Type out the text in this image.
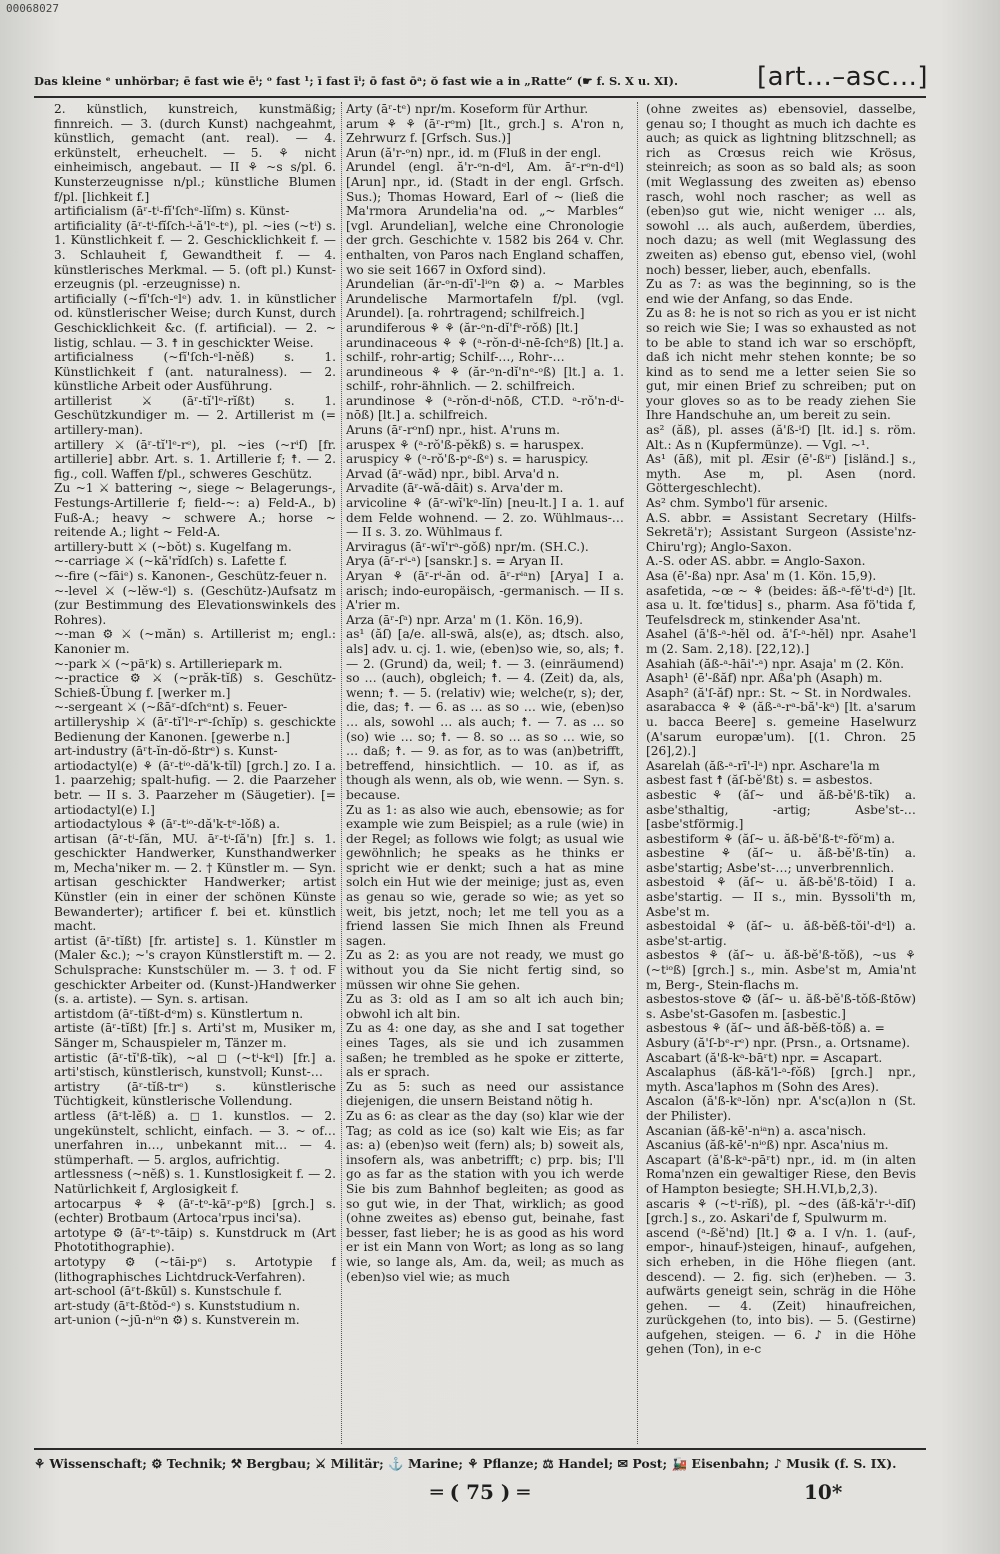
00068027
Das kleine ᵉ unhörbar; ē fast wie ēⁱ; ᵒ fast ¹; ī fast īⁱ; ō fast ōᵃ; ŏ fast wie a in „Ratte“ (☛ f. S. X u. XI).	[art...–asc...]

2. künstlich, kunstreich, kunstmäßig; finnreich. — 3. (durch Kunst) nachgeahmt, künstlich, gemacht (ant. real). — 4. erkünstelt, erheuchelt. — 5. ⚘ nicht einheimisch, angebaut. — II ⚘ ~s s/pl. 6. Kunsterzeugnisse n/pl.; künstliche Blumen f/pl. [lichkeit f.]

artificialism (āʳ-tⁱ-fĭ'ſchᵉ-lĭſm) s. Künst-

artificiality (āʳ-tⁱ-fĭſch-ⁱ-ă'lᵉ-tᵉ), pl. ~ies (~tⁱ) s. 1. Künstlichkeit f. — 2. Geschicklichkeit f. — 3. Schlauheit f, Gewandtheit f. — 4. künstlerisches Merkmal. — 5. (oft pl.) Kunst-erzeugnis (pl. -erzeugnisse) n.

artificially (~fĭ'ſch-ᵉlᵉ) adv. 1. in künstlicher od. künstlerischer Weise; durch Kunst, durch Geschicklichkeit &c. (f. artificial). — 2. ~ listig, schlau. — 3. ☨ in geschickter Weise.

artificialness (~fĭ'ſch-ᵉl-nĕß) s. 1. Künstlichkeit f (ant. naturalness). — 2. künstliche Arbeit oder Ausführung.

artillerist ⚔ (āʳ-tĭ'lᵉ-rĭßt) s. 1. Geschützkundiger m. — 2. Artillerist m (= artillery-man).

artillery ⚔ (āʳ-tĭ'lᵉ-rᵉ), pl. ~ies (~rⁱſ) [fr. artillerie] abbr. Art. s. 1. Artillerie f; ☨. — 2. fig., coll. Waffen f/pl., schweres Geschütz.

Zu ~1 ⚔ battering ~, siege ~ Belagerungs-, Festungs-Artillerie f; field-~: a) Feld-A., b) Fuß-A.; heavy ~ schwere A.; horse ~ reitende A.; light ~ Feld-A.

artillery-butt ⚔ (~bŏt) s. Kugelfang m.

~-carriage ⚔ (~kă'rĭdſch) s. Lafette f.

~-fire (~fāiᵉ) s. Kanonen-, Geschütz-feuer n.

~-level ⚔ (~lĕw-ᵉl) s. (Geschütz-)Aufsatz m (zur Bestimmung des Elevationswinkels des Rohres).

~-man ⚙ ⚔ (~măn) s. Artillerist m; engl.: Kanonier m.

~-park ⚔ (~pāʳk) s. Artilleriepark m.

~-practice ⚙ ⚔ (~prăk-tĭß) s. Geschütz-Schieß-Übung f. [werker m.]

~-sergeant ⚔ (~ßāʳ-dſchᵉnt) s. Feuer-

artilleryship ⚔ (āʳ-tĭ'lᵉ-rᵉ-ſchĭp) s. geschickte Bedienung der Kanonen. [gewerbe n.]

art-industry (āʳt-ĭn-dŏ-ßtrᵉ) s. Kunst-

artiodactyl(e) ⚘ (āʳ-tⁱᵒ-dă'k-tĭl) [grch.] zo. I a. 1. paarzehig; spalt-hufig. — 2. die Paarzeher betr. — II s. 3. Paarzeher m (Säugetier). [= artiodactyl(e) I.]

artiodactylous ⚘ (āʳ-tⁱᵒ-dă'k-tᵉ-lŏß) a.

artisan (āʳ-tⁱ-ſăn, MU. āʳ-tⁱ-ſă'n) [fr.] s. 1. geschickter Handwerker, Kunsthandwerker m, Mecha'niker m. — 2. † Künstler m. — Syn. artisan geschickter Handwerker; artist Künstler (ein in einer der schönen Künste Bewanderter); artificer f. bei et. künstlich macht.

artist (āʳ-tĭßt) [fr. artiste] s. 1. Künstler m (Maler &c.); ~'s crayon Künstlerstift m. — 2. Schulsprache: Kunstschüler m. — 3. † od. F geschickter Arbeiter od. (Kunst-)Handwerker (s. a. artiste). — Syn. s. artisan.

artistdom (āʳ-tĭßt-dᵉm) s. Künstlertum n.

artiste (āʳ-tĭßt) [fr.] s. Arti'st m, Musiker m, Sänger m, Schauspieler m, Tänzer m.

artistic (āʳ-tĭ'ß-tĭk), ~al ◻ (~tⁱ-kᵉl) [fr.] a. arti'stisch, künstlerisch, kunstvoll; Kunst-…

artistry (āʳ-tĭß-trᵉ) s. künstlerische Tüchtigkeit, künstlerische Vollendung.

artless (āʳt-lĕß) a. ◻ 1. kunstlos. — 2. ungekünstelt, schlicht, einfach. — 3. ~ of… unerfahren in…, unbekannt mit… — 4. stümperhaft. — 5. arglos, aufrichtig.

artlessness (~nĕß) s. 1. Kunstlosigkeit f. — 2. Natürlichkeit f, Arglosigkeit f.

artocarpus ⚘ ⚘ (āʳ-tᵒ-kāʳ-pᵒß) [grch.] s. (echter) Brotbaum (Artoca'rpus inci'sa).

artotype ⚙ (āʳ-tᵒ-tāip) s. Kunstdruck m (Art Phototithographie).

artotypy ⚙ (~tāi-pᵉ) s. Artotypie f (lithographisches Lichtdruck-Verfahren).

art-school (āʳt-ßkūl) s. Kunstschule f.

art-study (āʳt-ßtŏd-ᵉ) s. Kunststudium n.

art-union (~jū-nⁱᵒn ⚙) s. Kunstverein m.

Arty (āʳ-tᵉ) npr/m. Koseform für Arthur.

arum ⚘ ⚘ (āʳ-rᵒm) [lt., grch.] s. A'ron n, Zehrwurz f. [Grfsch. Sus.)]

Arun (ă'r-ᵒn) npr., id. m (Fluß in der engl.

Arundel (engl. ă'r-ᵒn-dᵉl, Am. āʳ-rᵒn-dᵉl) [Arun] npr., id. (Stadt in der engl. Grfsch. Sus.); Thomas Howard, Earl of ~ (ließ die Ma'rmora Arundelia'na od. „~ Marbles“ [vgl. Arundelian], welche eine Chronologie der grch. Geschichte v. 1582 bis 264 v. Chr. enthalten, von Paros nach England schaffen, wo sie seit 1667 in Oxford sind).

Arundelian (ăr-ᵒn-dī'-lⁱᵒn ⚙) a. ~ Marbles Arundelische Marmortafeln f/pl. (vgl. Arundel). [a. rohrtragend; schilfreich.]

arundiferous ⚘ ⚘ (ăr-ᵒn-dĭ'fᵉ-rŏß) [lt.]

arundinaceous ⚘ ⚘ (ᵃ-rŏn-dⁱ-nē-ſchᵒß) [lt.] a. schilf-, rohr-artig; Schilf-…, Rohr-…

arundineous ⚘ ⚘ (ăr-ᵒn-dĭ'nᵉ-ᵒß) [lt.] a. 1. schilf-, rohr-ähnlich. — 2. schilfreich.

arundinose ⚘ (ᵃ-rŏn-dⁱ-nōß, CT.D. ᵃ-rŏ'n-dⁱ-nōß) [lt.] a. schilfreich.

Aruns (āʳ-rᵒnſ) npr., hist. A'runs m.

aruspex ⚘ (ᵃ-rŏ'ß-pĕkß) s. = haruspex.

aruspicy ⚘ (ᵃ-rŏ'ß-pᵉ-ßᵉ) s. = haruspicy.

Arvad (āʳ-wăd) npr., bibl. Arva'd n.

Arvadite (āʳ-wă-dāit) s. Arva'der m.

arvicoline ⚘ (āʳ-wĭ'kᵒ-lĭn) [neu-lt.] I a. 1. auf dem Felde wohnend. — 2. zo. Wühlmaus-… — II s. 3. zo. Wühlmaus f.

Arviragus (āʳ-wĭ'rᵃ-gŏß) npr/m. (SH.C.).

Arya (āʳ-rⁱ-ᵃ) [sanskr.] s. = Aryan II.

Aryan ⚘ (āʳ-rⁱ-ăn od. āʳ-rⁱᵃn) [Arya] I a. arisch; indo-europäisch, -germanisch. — II s. A'rier m.

Arza (āʳ-ſᵃ) npr. Arza' m (1. Kön. 16,9).

as¹ (ăſ) [a/e. all-swā, als(e), as; dtsch. also, als] adv. u. cj. 1. wie, (eben)so wie, so, als; ☨. — 2. (Grund) da, weil; ☨. — 3. (einräumend) so … (auch), obgleich; ☨. — 4. (Zeit) da, als, wenn; ☨. — 5. (relativ) wie; welche(r, s); der, die, das; ☨. — 6. as … as so … wie, (eben)so … als, sowohl … als auch; ☨. — 7. as … so (so) wie … so; ☨. — 8. so … as so … wie, so … daß; ☨. — 9. as for, as to was (an)betrifft, betreffend, hinsichtlich. — 10. as if, as though als wenn, als ob, wie wenn. — Syn. s. because.

Zu as 1: as also wie auch, ebensowie; as for example wie zum Beispiel; as a rule (wie) in der Regel; as follows wie folgt; as usual wie gewöhnlich; he speaks as he thinks er spricht wie er denkt; such a hat as mine solch ein Hut wie der meinige; just as, even as genau so wie, gerade so wie; as yet so weit, bis jetzt, noch; let me tell you as a friend lassen Sie mich Ihnen als Freund sagen.

Zu as 2: as you are not ready, we must go without you da Sie nicht fertig sind, so müssen wir ohne Sie gehen.

Zu as 3: old as I am so alt ich auch bin; obwohl ich alt bin.

Zu as 4: one day, as she and I sat together eines Tages, als sie und ich zusammen saßen; he trembled as he spoke er zitterte, als er sprach.

Zu as 5: such as need our assistance diejenigen, die unsern Beistand nötig h.

Zu as 6: as clear as the day (so) klar wie der Tag; as cold as ice (so) kalt wie Eis; as far as: a) (eben)so weit (fern) als; b) soweit als, insofern als, was anbetrifft; c) prp. bis; I'll go as far as the station with you ich werde Sie bis zum Bahnhof begleiten; as good as so gut wie, in der That, wirklich; as good (ohne zweites as) ebenso gut, beinahe, fast besser, fast lieber; he is as good as his word er ist ein Mann von Wort; as long as so lang wie, so lange als, Am. da, weil; as much as (eben)so viel wie; as much

(ohne zweites as) ebensoviel, dasselbe, genau so; I thought as much ich dachte es auch; as quick as lightning blitzschnell; as rich as Crœsus reich wie Krösus, steinreich; as soon as so bald als; as soon (mit Weglassung des zweiten as) ebenso rasch, wohl noch rascher; as well as (eben)so gut wie, nicht weniger … als, sowohl … als auch, außerdem, überdies, noch dazu; as well (mit Weglassung des zweiten as) ebenso gut, ebenso viel, (wohl noch) besser, lieber, auch, ebenfalls.

Zu as 7: as was the beginning, so is the end wie der Anfang, so das Ende.

Zu as 8: he is not so rich as you er ist nicht so reich wie Sie; I was so exhausted as not to be able to stand ich war so erschöpft, daß ich nicht mehr stehen konnte; be so kind as to send me a letter seien Sie so gut, mir einen Brief zu schreiben; put on your gloves so as to be ready ziehen Sie Ihre Handschuhe an, um bereit zu sein.

as² (ăß), pl. asses (ă'ß-ⁱſ) [lt. id.] s. röm. Alt.: As n (Kupfermünze). — Vgl. ~¹.

As¹ (āß), mit pl. Æsir (ē'-ßⁱʳ) [isländ.] s., myth. Ase m, pl. Asen (nord. Göttergeschlecht).

As² chm. Symbo'l für arsenic.

A.S. abbr. = Assistant Secretary (Hilfs-Sekretä'r); Assistant Surgeon (Assiste'nz-Chiru'rg); Anglo-Saxon.

A.-S. oder AS. abbr. = Anglo-Saxon.

Asa (ē'-ßa) npr. Asa' m (1. Kön. 15,9).

asafetida, ~œ ~ ⚘ (beides: ăß-ᵃ-fĕ'tⁱ-dᵃ) [lt. asa u. lt. fœ'tidus] s., pharm. Asa fö'tida f, Teufelsdreck m, stinkender Asa'nt.

Asahel (ă'ß-ᵃ-hĕl od. ă'ſ-ᵃ-hĕl) npr. Asahe'l m (2. Sam. 2,18). [22,12).]

Asahiah (ăß-ᵃ-hāi'-ᵃ) npr. Asaja' m (2. Kön.

Asaph¹ (ē'-ßăf) npr. Aßa'ph (Asaph) m.

Asaph² (ă'ſ-ăf) npr.: St. ~ St. in Nordwales.

asarabacca ⚘ ⚘ (ăß-ᵃ-rᵃ-bă'-kᵃ) [lt. a'sarum u. bacca Beere] s. gemeine Haselwurz (A'sarum europæ'um). [(1. Chron. 25 [26],2).]

Asarelah (ăß-ᵃ-rī'-lᵃ) npr. Aschare'la m

asbest fast ☨ (ăſ-bĕ'ßt) s. = asbestos.

asbestic ⚘ (ăſ~ und ăß-bĕ'ß-tĭk) a. asbe'sthaltig, -artig; Asbe'st-… [asbe'stförmig.]

asbestiform ⚘ (ăſ~ u. ăß-bĕ'ß-tᵉ-fŏʳm) a.

asbestine ⚘ (ăſ~ u. ăß-bĕ'ß-tĭn) a. asbe'startig; Asbe'st-…; unverbrennlich.

asbestoid ⚘ (ăſ~ u. ăß-bĕ'ß-tŏid) I a. asbe'startig. — II s., min. Byssoli'th m, Asbe'st m.

asbestoidal ⚘ (ăſ~ u. ăß-bĕß-tŏi'-dᵉl) a. asbe'st-artig.

asbestos ⚘ (ăſ~ u. ăß-bĕ'ß-tŏß), ~us ⚘ (~tⁱᵒß) [grch.] s., min. Asbe'st m, Amia'nt m, Berg-, Stein-flachs m.

asbestos-stove ⚙ (ăſ~ u. ăß-bĕ'ß-tŏß-ßtōw) s. Asbe'st-Gasofen m. [asbestic.]

asbestous ⚘ (ăſ~ und ăß-bĕß-tŏß) a. =

Asbury (ă'ſ-bᵉ-rᵉ) npr. (Prsn., a. Ortsname).

Ascabart (ă'ß-kᵃ-bāʳt) npr. = Ascapart.

Ascalaphus (ăß-kă'l-ᵃ-fŏß) [grch.] npr., myth. Asca'laphos m (Sohn des Ares).

Ascalon (ă'ß-kᵃ-lŏn) npr. A'sc(a)lon n (St. der Philister).

Ascanian (ăß-kē'-nⁱᵃn) a. asca'nisch.

Ascanius (ăß-kē'-nⁱᵒß) npr. Asca'nius m.

Ascapart (ă'ß-kᵃ-pāʳt) npr., id. m (in alten Roma'nzen ein gewaltiger Riese, den Bevis of Hampton besiegte; SH.H.VI,b,2,3).

ascaris ⚘ (~tⁱ-rĭß), pl. ~des (ăß-kă'r-ⁱ-dīſ) [grch.] s., zo. Askari'de f, Spulwurm m.

ascend (ᵃ-ßĕ'nd) [lt.] ⚙ a. I v/n. 1. (auf-, empor-, hinauf-)steigen, hinauf-, aufgehen, sich erheben, in die Höhe fliegen (ant. descend). — 2. fig. sich (er)heben. — 3. aufwärts geneigt sein, schräg in die Höhe gehen. — 4. (Zeit) hinaufreichen, zurückgehen (to, into bis). — 5. (Gestirne) aufgehen, steigen. — 6. ♪ in die Höhe gehen (Ton), in e-c

⚘ Wissenschaft; ⚙ Technik; ⚒ Bergbau; ⚔ Militär; ⚓ Marine; ⚘ Pflanze; ⚖ Handel; ✉ Post; 🚂 Eisenbahn; ♪ Musik (f. S. IX).
═ ( 75 ) ═	10*
